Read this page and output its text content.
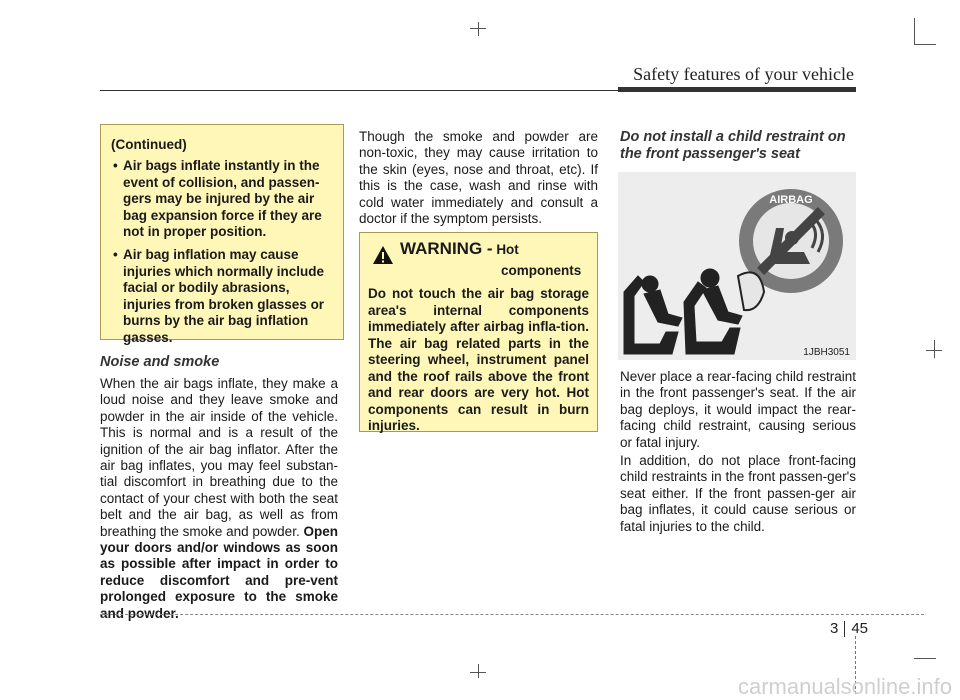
Safety features of your vehicle
(Continued)
• Air bags inflate instantly in the event of collision, and passen-gers may be injured by the air bag expansion force if they are not in proper position.
• Air bag inflation may cause injuries which normally include facial or bodily abrasions, injuries from broken glasses or burns by the air bag inflation gasses.
Noise and smoke
When the air bags inflate, they make a loud noise and they leave smoke and powder in the air inside of the vehicle. This is normal and is a result of the ignition of the air bag inflator. After the air bag inflates, you may feel substan-tial discomfort in breathing due to the contact of your chest with both the seat belt and the air bag, as well as from breathing the smoke and powder. Open your doors and/or windows as soon as possible after impact in order to reduce discomfort and pre-vent prolonged exposure to the smoke and powder.
Though the smoke and powder are non-toxic, they may cause irritation to the skin (eyes, nose and throat, etc). If this is the case, wash and rinse with cold water immediately and consult a doctor if the symptom persists.
WARNING - Hot
components
Do not touch the air bag storage area's internal components immediately after airbag infla-tion. The air bag related parts in the steering wheel, instrument panel and the roof rails above the front and rear doors are very hot. Hot components can result in burn injuries.
Do not install a child restraint on
the front passenger's seat
AIRBAG
1JBH3051
Never place a rear-facing child restraint in the front passenger's seat. If the air bag deploys, it would impact the rear-facing child restraint, causing serious or fatal injury.
In addition, do not place front-facing child restraints in the front passen-ger's seat either. If the front passen-ger air bag inflates, it could cause serious or fatal injuries to the child.
3 45
carmanualsonline.info
